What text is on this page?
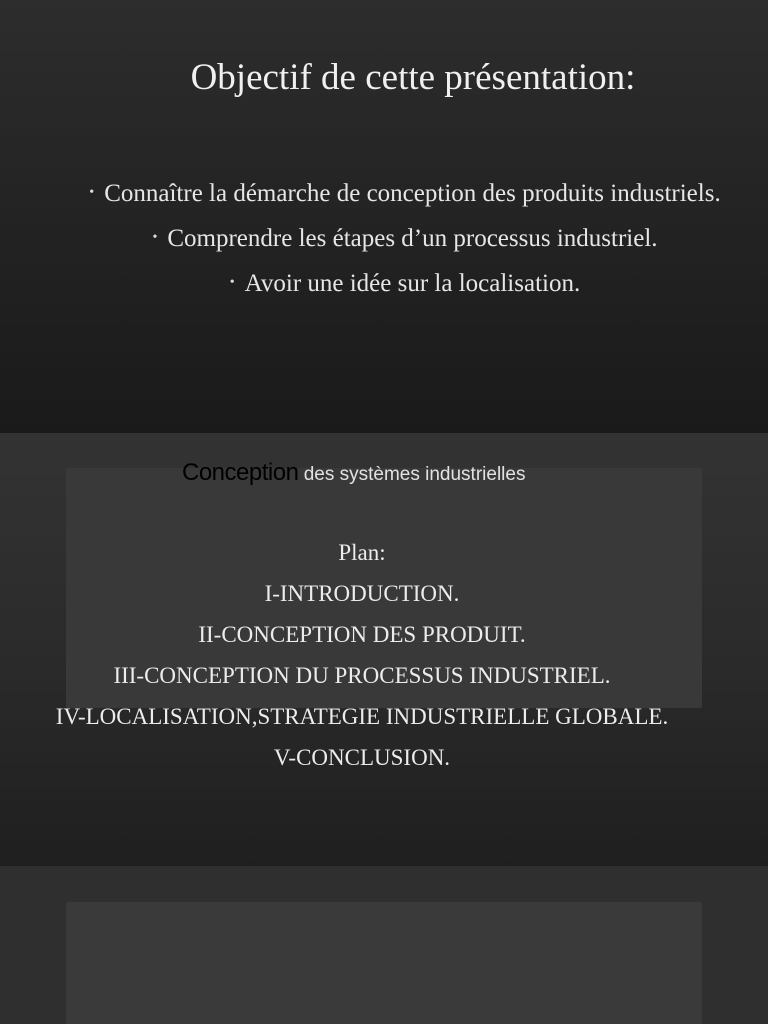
Objectif de cette présentation:
• Connaître la démarche de conception des produits industriels.
• Comprendre les étapes d’un processus industriel.
• Avoir une idée sur la localisation.
Conception des systèmes industrielles
Plan:
I-INTRODUCTION.
II-CONCEPTION DES PRODUIT.
III-CONCEPTION DU PROCESSUS INDUSTRIEL.
IV-LOCALISATION,STRATEGIE INDUSTRIELLE GLOBALE.
V-CONCLUSION.
